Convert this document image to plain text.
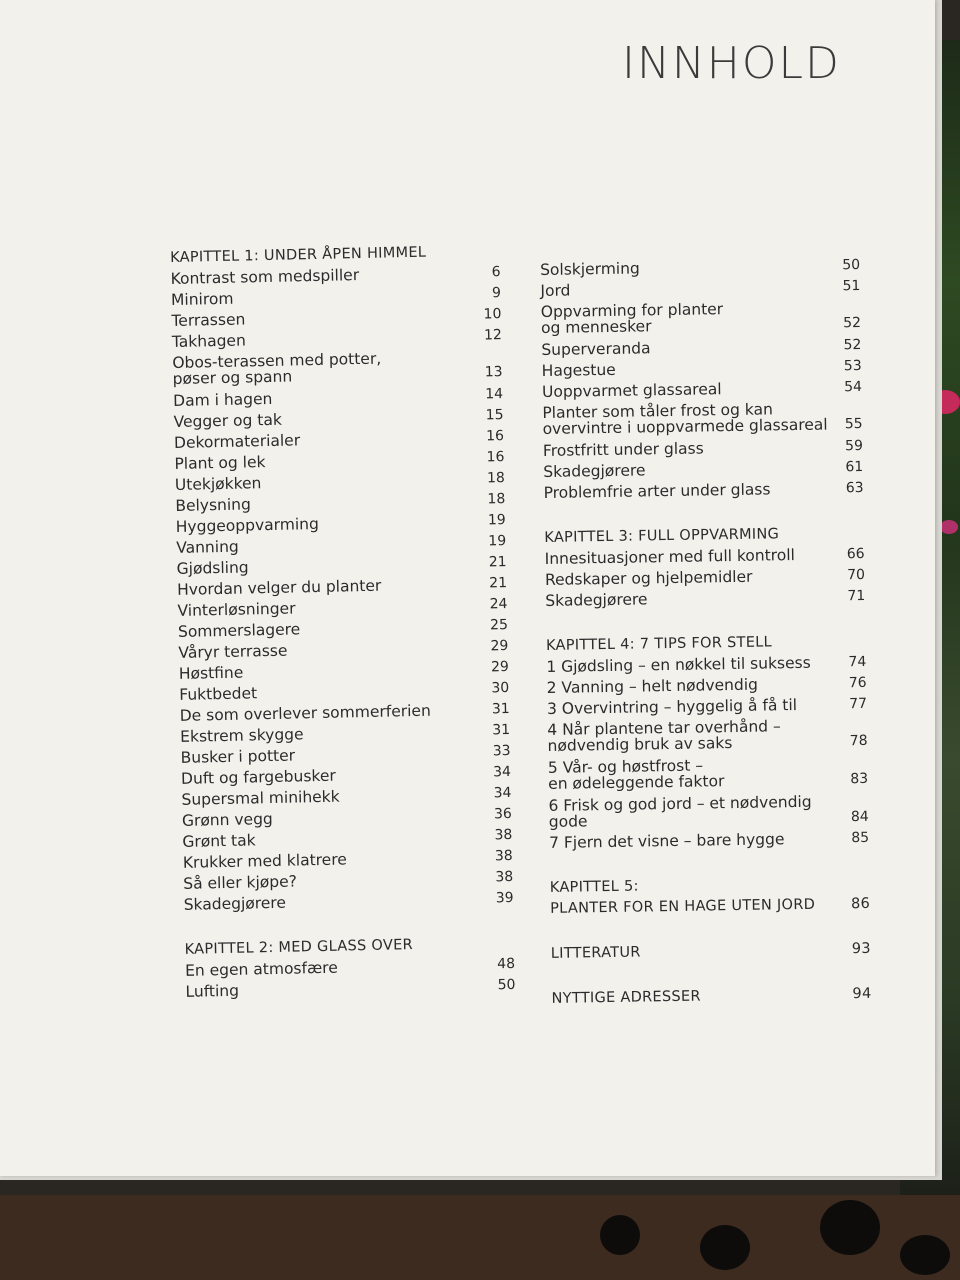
INNHOLD
KAPITTEL 1: UNDER ÅPEN HIMMEL
Kontrast som medspiller	6
Minirom	9
Terrassen	10
Takhagen	12
Obos-terassen med potter,
pøser og spann	13
Dam i hagen	14
Vegger og tak	15
Dekormaterialer	16
Plant og lek	16
Utekjøkken	18
Belysning	18
Hyggeoppvarming	19
Vanning	19
Gjødsling	21
Hvordan velger du planter	21
Vinterløsninger	24
Sommerslagere	25
Våryr terrasse	29
Høstfine	29
Fuktbedet	30
De som overlever sommerferien	31
Ekstrem skygge	31
Busker i potter	33
Duft og fargebusker	34
Supersmal minihekk	34
Grønn vegg	36
Grønt tak	38
Krukker med klatrere	38
Så eller kjøpe?	38
Skadegjørere	39
KAPITTEL 2: MED GLASS OVER
En egen atmosfære	48
Lufting	50
Solskjerming	50
Jord	51
Oppvarming for planter
og mennesker	52
Superveranda	52
Hagestue	53
Uoppvarmet glassareal	54
Planter som tåler frost og kan
overvintre i uoppvarmede glassareal	55
Frostfritt under glass	59
Skadegjørere	61
Problemfrie arter under glass	63
KAPITTEL 3: FULL OPPVARMING
Innesituasjoner med full kontroll	66
Redskaper og hjelpemidler	70
Skadegjørere	71
KAPITTEL 4: 7 TIPS FOR STELL
1 Gjødsling – en nøkkel til suksess	74
2 Vanning – helt nødvendig	76
3 Overvintring – hyggelig å få til	77
4 Når plantene tar overhånd –
nødvendig bruk av saks	78
5 Vår- og høstfrost –
en ødeleggende faktor	83
6 Frisk og god jord – et nødvendig gode	84
7 Fjern det visne – bare hygge	85
KAPITTEL 5:
PLANTER FOR EN HAGE UTEN JORD 86
LITTERATUR	93
NYTTIGE ADRESSER	94
